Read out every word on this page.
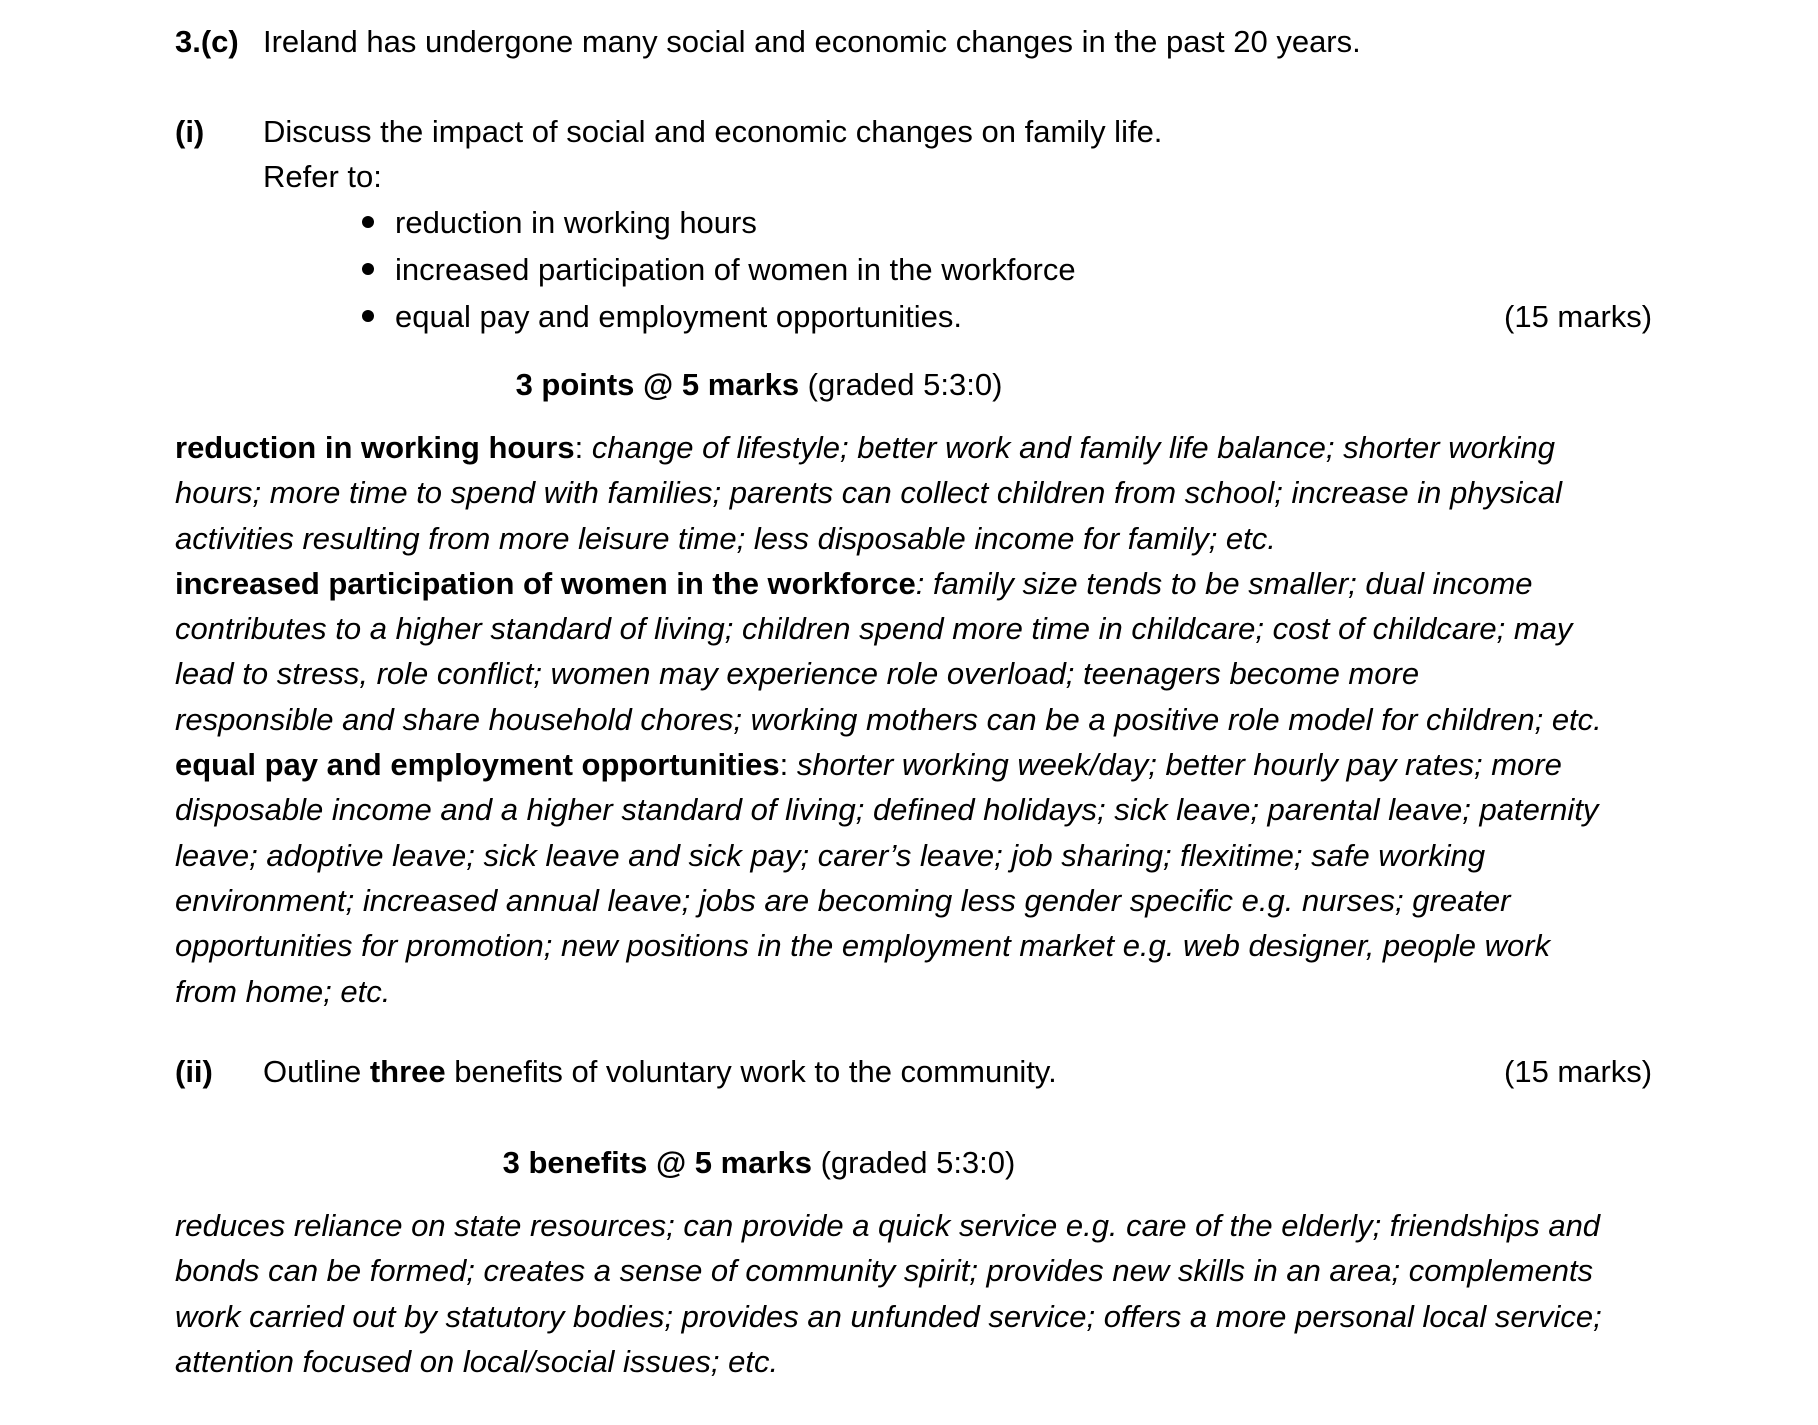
3.(c) Ireland has undergone many social and economic changes in the past 20 years.
(i) Discuss the impact of social and economic changes on family life.
Refer to:
reduction in working hours
increased participation of women in the workforce
equal pay and employment opportunities.	(15 marks)
3 points @ 5 marks (graded 5:3:0)
reduction in working hours: change of lifestyle; better work and family life balance; shorter working
hours; more time to spend with families; parents can collect children from school; increase in physical
activities resulting from more leisure time; less disposable income for family; etc.
increased participation of women in the workforce: family size tends to be smaller; dual income
contributes to a higher standard of living; children spend more time in childcare; cost of childcare; may
lead to stress, role conflict; women may experience role overload; teenagers become more
responsible and share household chores; working mothers can be a positive role model for children; etc.
equal pay and employment opportunities: shorter working week/day; better hourly pay rates; more
disposable income and a higher standard of living; defined holidays; sick leave; parental leave; paternity
leave; adoptive leave; sick leave and sick pay; carer’s leave; job sharing; flexitime; safe working
environment; increased annual leave; jobs are becoming less gender specific e.g. nurses; greater
opportunities for promotion; new positions in the employment market e.g. web designer, people work
from home; etc.
(ii) Outline three benefits of voluntary work to the community.	(15 marks)
3 benefits @ 5 marks (graded 5:3:0)
reduces reliance on state resources; can provide a quick service e.g. care of the elderly; friendships and
bonds can be formed; creates a sense of community spirit; provides new skills in an area; complements
work carried out by statutory bodies; provides an unfunded service; offers a more personal local service;
attention focused on local/social issues; etc.
